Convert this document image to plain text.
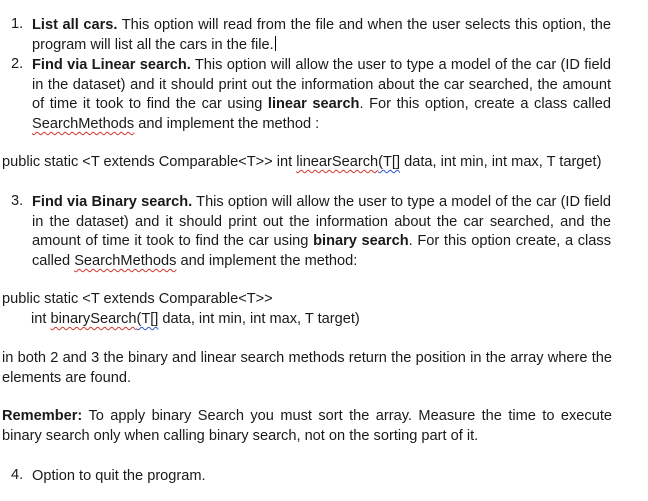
1. List all cars. This option will read from the file and when the user selects this option, the program will list all the cars in the file.
2. Find via Linear search. This option will allow the user to type a model of the car (ID field in the dataset) and it should print out the information about the car searched, the amount of time it took to find the car using linear search. For this option, create a class called SearchMethods and implement the method :
public static <T extends Comparable<T>> int linearSearch(T[] data, int min, int max, T target)
3. Find via Binary search. This option will allow the user to type a model of the car (ID field in the dataset) and it should print out the information about the car searched, and the amount of time it took to find the car using binary search. For this option create, a class called SearchMethods and implement the method:
public static <T extends Comparable<T>>
int binarySearch(T[] data, int min, int max, T target)
in both 2 and 3 the binary and linear search methods return the position in the array where the elements are found.
Remember: To apply binary Search you must sort the array. Measure the time to execute binary search only when calling binary search, not on the sorting part of it.
4. Option to quit the program.
